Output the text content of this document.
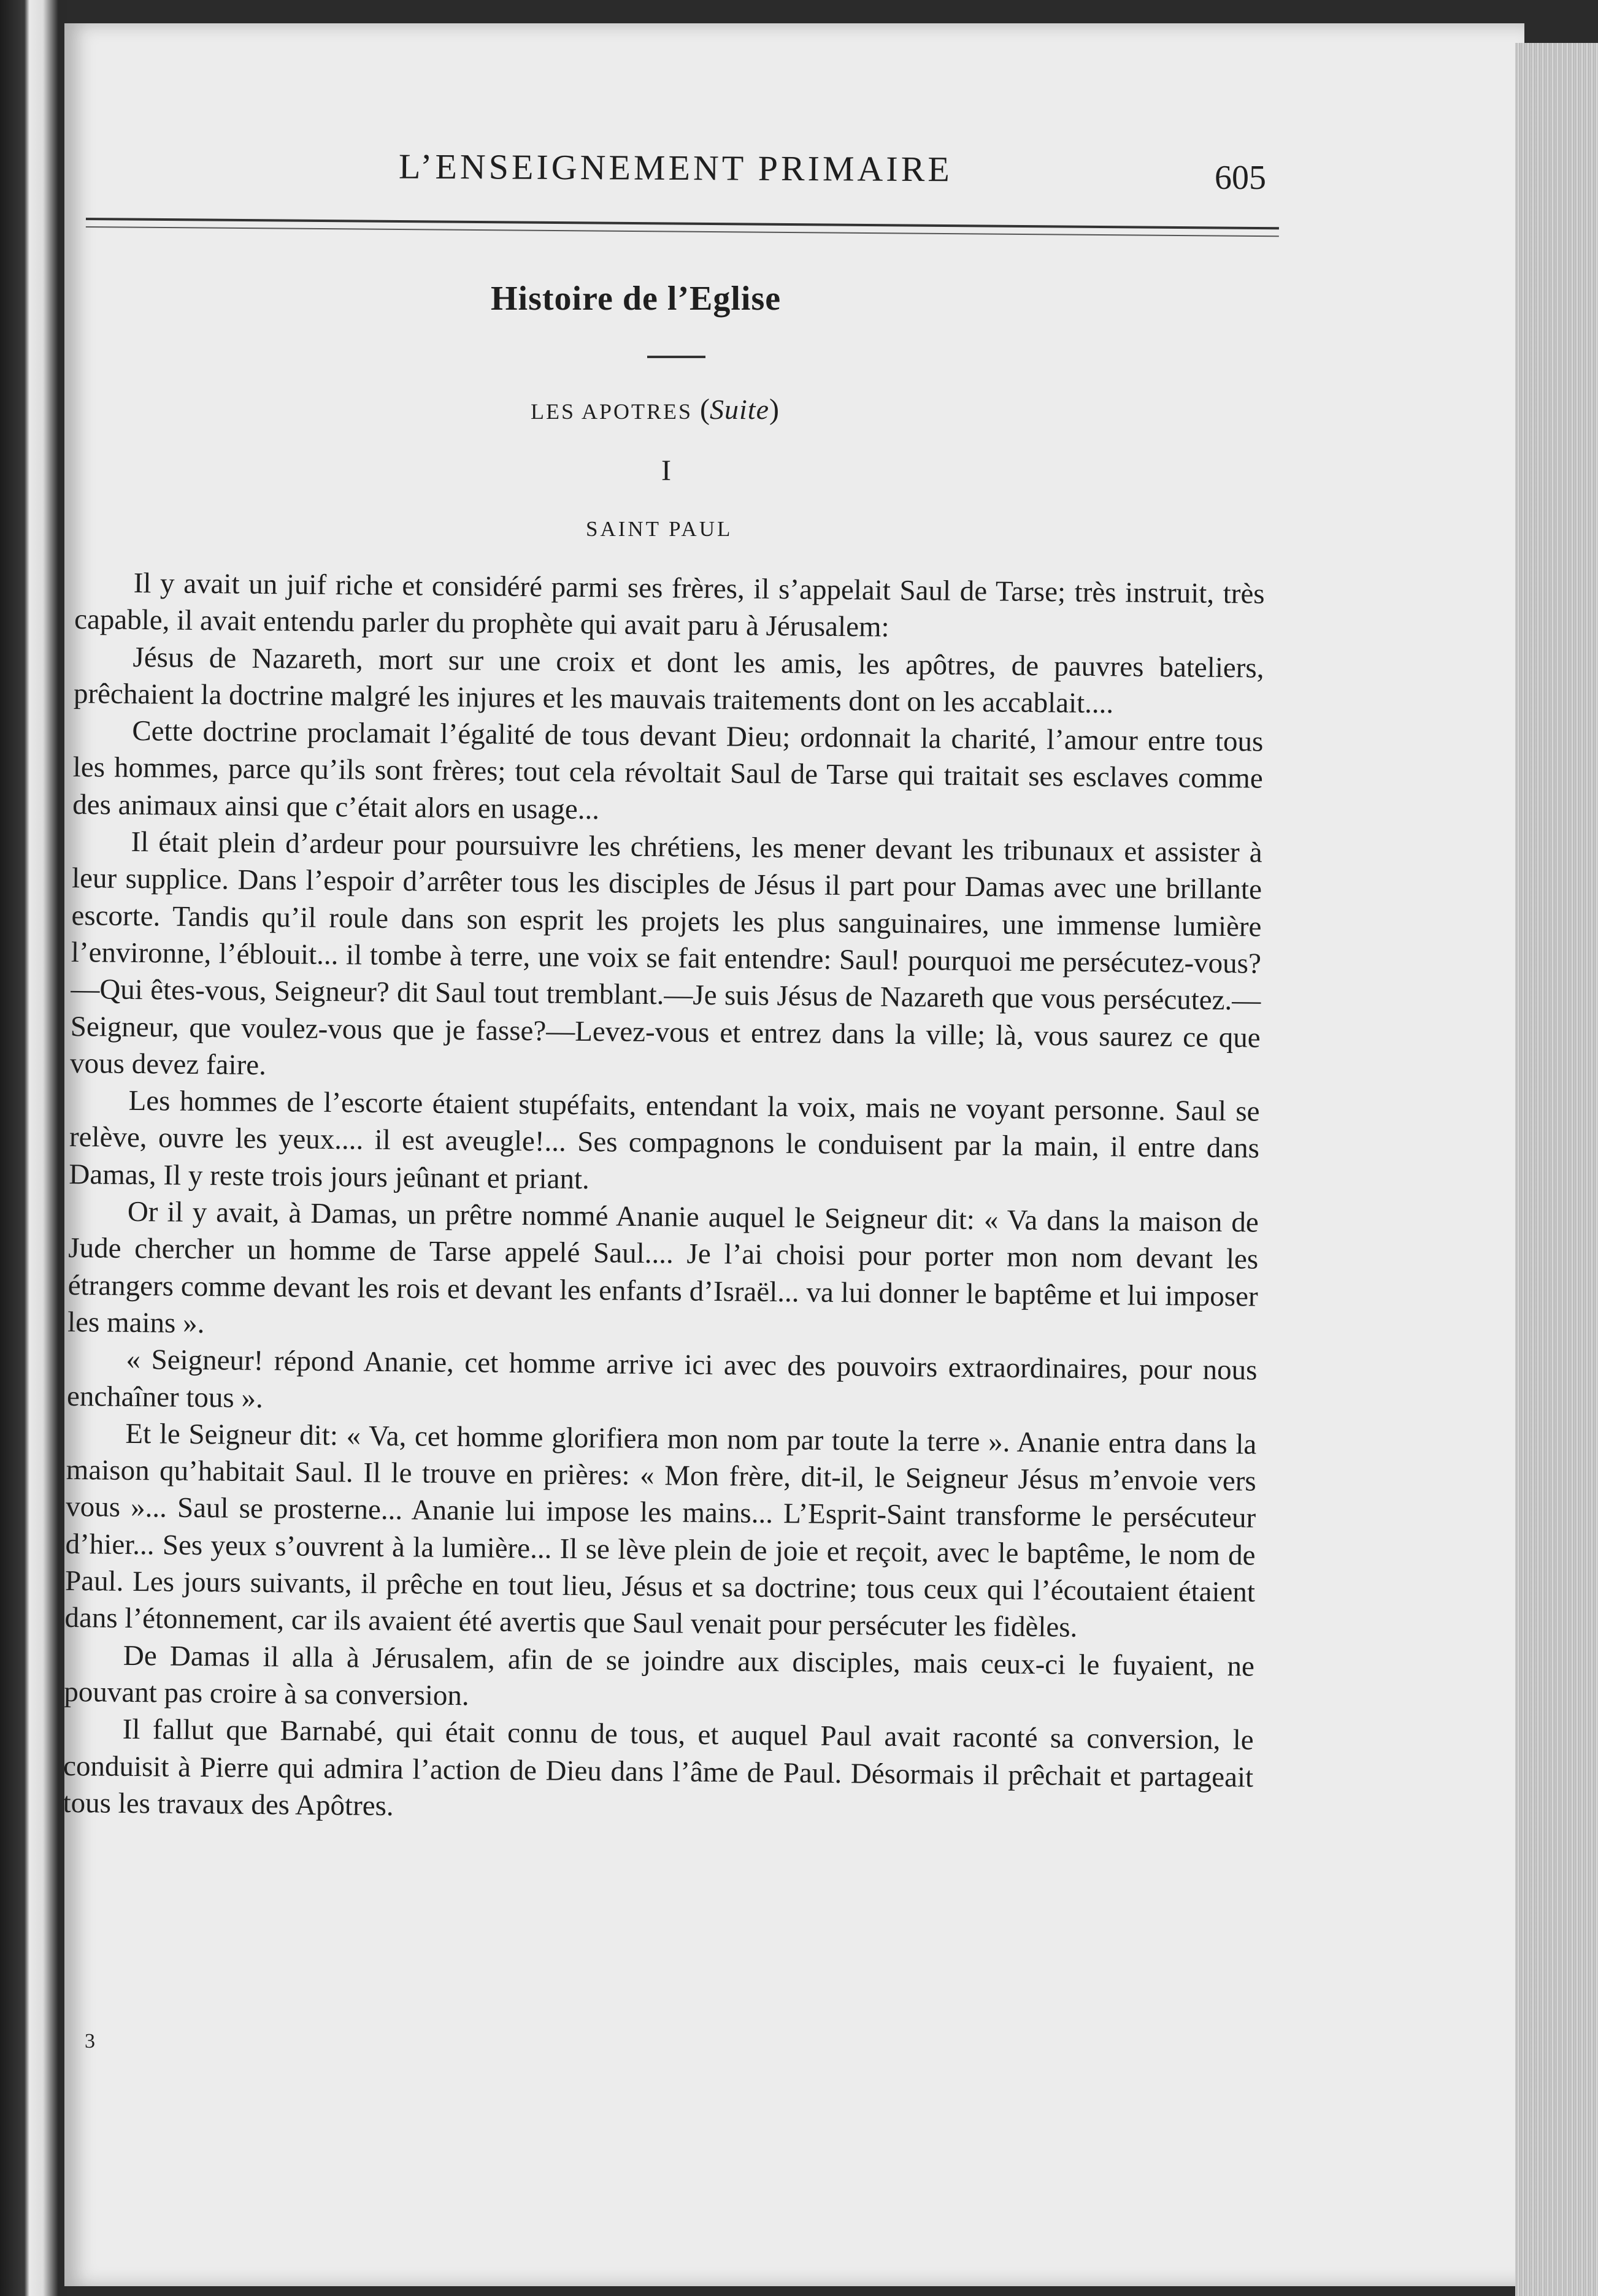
L’ENSEIGNEMENT PRIMAIRE	605
Histoire de l’Eglise
LES APOTRES (Suite)
I
SAINT PAUL

Il y avait un juif riche et considéré parmi ses frères, il s’appelait Saul de Tarse; très instruit, très capable, il avait entendu parler du prophète qui avait paru à Jérusalem:

Jésus de Nazareth, mort sur une croix et dont les amis, les apôtres, de pauvres bateliers, prêchaient la doctrine malgré les injures et les mauvais traitements dont on les accablait....

Cette doctrine proclamait l’égalité de tous devant Dieu; ordonnait la charité, l’amour entre tous les hommes, parce qu’ils sont frères; tout cela révoltait Saul de Tarse qui traitait ses esclaves comme des animaux ainsi que c’était alors en usage...

Il était plein d’ardeur pour poursuivre les chrétiens, les mener devant les tribunaux et assister à leur supplice. Dans l’espoir d’arrêter tous les disciples de Jésus il part pour Damas avec une brillante escorte. Tandis qu’il roule dans son esprit les projets les plus sanguinaires, une immense lumière l’environne, l’éblouit... il tombe à terre, une voix se fait entendre: Saul! pourquoi me persécutez-vous?—Qui êtes-vous, Seigneur? dit Saul tout tremblant.—Je suis Jésus de Nazareth que vous persécutez.—Seigneur, que voulez-vous que je fasse?—Levez-vous et entrez dans la ville; là, vous saurez ce que vous devez faire.

Les hommes de l’escorte étaient stupéfaits, entendant la voix, mais ne voyant personne. Saul se relève, ouvre les yeux.... il est aveugle!... Ses compagnons le conduisent par la main, il entre dans Damas, Il y reste trois jours jeûnant et priant.

Or il y avait, à Damas, un prêtre nommé Ananie auquel le Seigneur dit: « Va dans la maison de Jude chercher un homme de Tarse appelé Saul.... Je l’ai choisi pour porter mon nom devant les étrangers comme devant les rois et devant les enfants d’Israël... va lui donner le baptême et lui imposer les mains ».

« Seigneur! répond Ananie, cet homme arrive ici avec des pouvoirs extraordinaires, pour nous enchaîner tous ».

Et le Seigneur dit: « Va, cet homme glorifiera mon nom par toute la terre ». Ananie entra dans la maison qu’habitait Saul. Il le trouve en prières: « Mon frère, dit-il, le Seigneur Jésus m’envoie vers vous »... Saul se prosterne... Ananie lui impose les mains... L’Esprit-Saint transforme le persécuteur d’hier... Ses yeux s’ouvrent à la lumière... Il se lève plein de joie et reçoit, avec le baptême, le nom de Paul. Les jours suivants, il prêche en tout lieu, Jésus et sa doctrine; tous ceux qui l’écoutaient étaient dans l’étonnement, car ils avaient été avertis que Saul venait pour persécuter les fidèles.

De Damas il alla à Jérusalem, afin de se joindre aux disciples, mais ceux-ci le fuyaient, ne pouvant pas croire à sa conversion.

Il fallut que Barnabé, qui était connu de tous, et auquel Paul avait raconté sa conversion, le conduisit à Pierre qui admira l’action de Dieu dans l’âme de Paul. Désormais il prêchait et partageait tous les travaux des Apôtres.

3
